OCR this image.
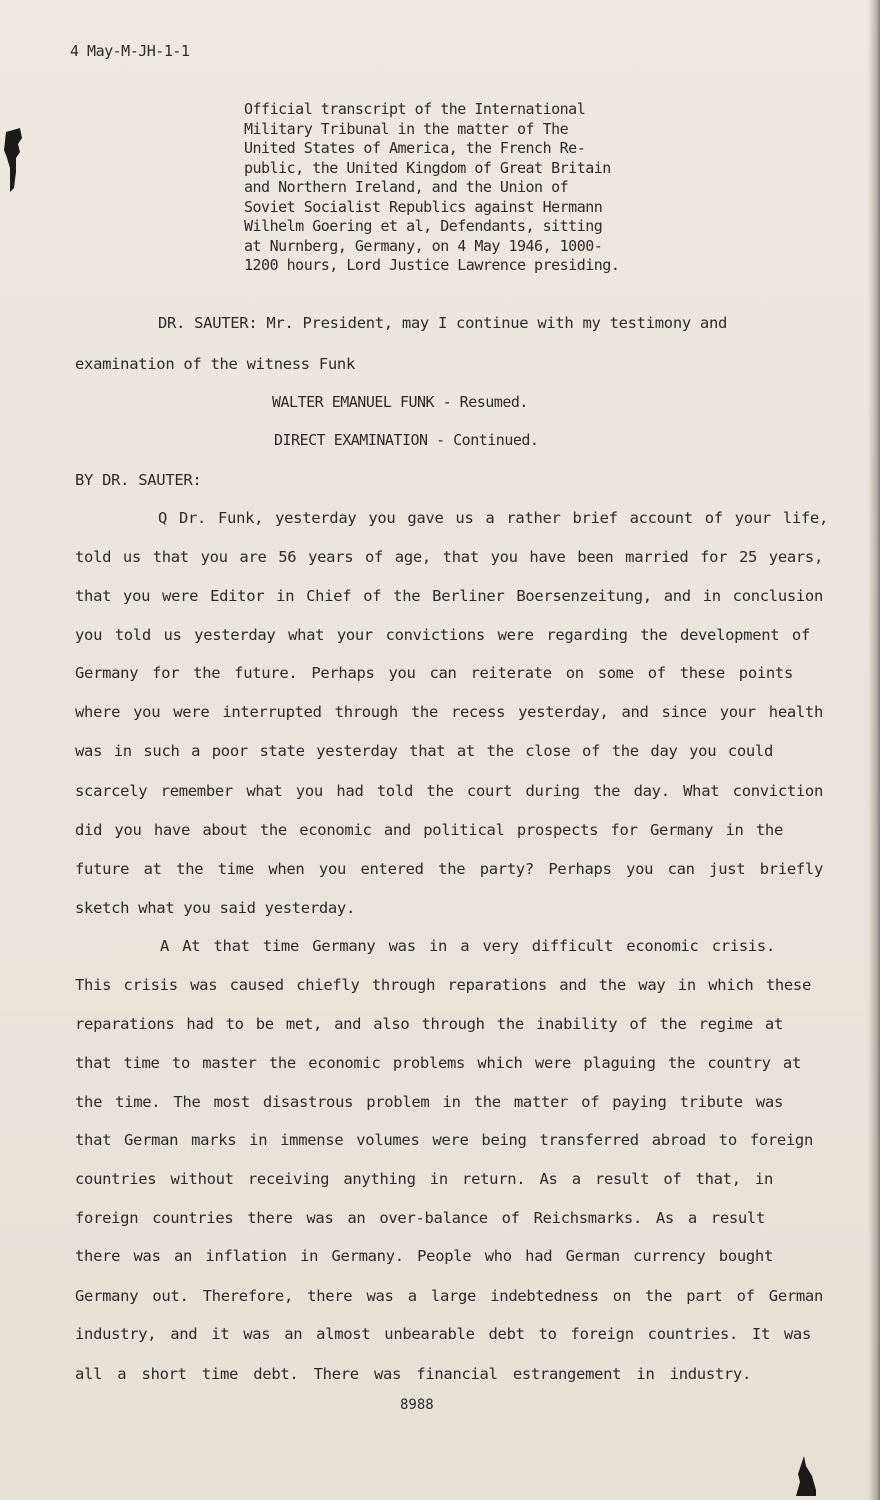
4 May-M-JH-1-1
Official transcript of the International
Military Tribunal in the matter of The
United States of America, the French Re-
public, the United Kingdom of Great Britain
and Northern Ireland, and the Union of
Soviet Socialist Republics against Hermann
Wilhelm Goering et al, Defendants, sitting
at Nurnberg, Germany, on 4 May 1946, 1000-
1200 hours, Lord Justice Lawrence presiding.
DR. SAUTER: Mr. President, may I continue with my testimony and
examination of the witness Funk
WALTER EMANUEL FUNK - Resumed.
DIRECT EXAMINATION - Continued.
BY DR. SAUTER:
Q Dr. Funk, yesterday you gave us a rather brief account of your life,
told us that you are 56 years of age, that you have been married for 25 years,
that you were Editor in Chief of the Berliner Boersenzeitung, and in conclusion
you told us yesterday what your convictions were regarding the development of
Germany for the future. Perhaps you can reiterate on some of these points
where you were interrupted through the recess yesterday, and since your health
was in such a poor state yesterday that at the close of the day you could
scarcely remember what you had told the court during the day. What conviction
did you have about the economic and political prospects for Germany in the
future at the time when you entered the party? Perhaps you can just briefly
sketch what you said yesterday.
A At that time Germany was in a very difficult economic crisis.
This crisis was caused chiefly through reparations and the way in which these
reparations had to be met, and also through the inability of the regime at
that time to master the economic problems which were plaguing the country at
the time. The most disastrous problem in the matter of paying tribute was
that German marks in immense volumes were being transferred abroad to foreign
countries without receiving anything in return. As a result of that, in
foreign countries there was an over-balance of Reichsmarks. As a result
there was an inflation in Germany. People who had German currency bought
Germany out. Therefore, there was a large indebtedness on the part of German
industry, and it was an almost unbearable debt to foreign countries. It was
all a short time debt. There was financial estrangement in industry.
8988
